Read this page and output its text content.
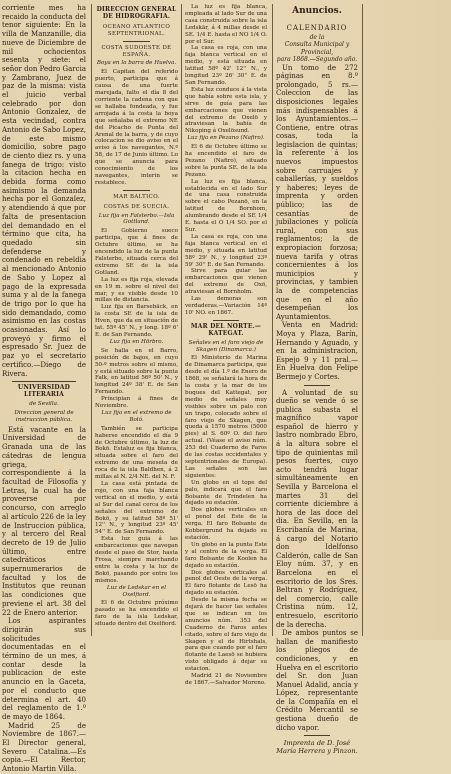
corriente mes ha recaido la conducta del tenor siguiente: En la villa de Manzanille, dia nueve de Diciembre de mil ochocientos sesenta y siete: el señor don Pedro Garcia y Zambrano, Juez de paz de la misma: vista el juicio verbal celebrado por don Antonio Gonzalez, de esta vecindad, contra Antonio de Sabo Lopez, de este mismo domicilio, sobre pago de ciento diez rs. y una fanega de trigo: visto la citacion hecha en debida forma como asimismo la demanda hecha por el Gonzalez, y atendiendo á que por falta de presentacion del demandado en el término que cita, ha quedado sin defenderse y condenado en rebeldia al mencionado Antonio de Sabo y Lopez al pago de la expresada suma y al de la fanega de trigo por lo que ha sido demandado, como asimismo en las costas ocasionadas. Así lo proveyó y firmo el espresado Sr. Juez de paz yo el secretario certifico.—Diego de Rivera.

UNIVERSIDAD LITERARIA

de Sevilla.

Direccion general de instruccion pública.

Está vacante en la Universidad de Granada una de las cátedras de lengua griega, correspondiente á la facultad de Filosofía y Letras, la cual ha de proveerse por concurso, con arreglo al artículo 226 de la ley de Instruccion pública, y al tercero del Real decreto de 19 de Julio último, entre catedráticos supernumerarios de facultad y los de Institutos que reunan las condiciones que previene el art. 38 del 22 de Enero anterior.

Los aspirantes dirigirán sus solicitudes documentadas en el término de un mes, á contar desde la publicacion de este anuncio en la Gaceta, por el conducto que determina el art. 40 del reglamento de 1.º de mayo de 1864.

Madrid 25 de Noviembre de 1867.—El Director general, Severo Catalina.—Es copia.—El Rector, Antonio Martin Villa.

DIRECCION GENERAL DE HIDROGRAFIA.

OCEANO ATLANTICO SEPTENTRIONAL.

COSTA SUDOESTE DE ESPAÑA.

Boya en la barra de Huelva.

El Capitan del referido puerto, participa que á causa de una fuerte marejada, falto el día 8 del corriente la cadena con que se hallaba fondeada, y fue arrojada á la costa la boya que señalaba el extremo NE del Picacho de Punta del Arenal de la barra, y de cuyo colocacion se dio aviso en el aviso á los navegantes, N.º 58, de 17 de Junio último. Lo que se anuncia para conocimiento de los navegantes, interin se restablece.

MAR BALTICO.

COSTAS DE SUECIA.

Luz fija en Falsterbo.—Isla Gottland.

El Gobierno sueco participa, que á fines de Octubre último, se ha encendido la luz de la punta Falsterbo, situada cerca del extremo SE de la isla Gotland.

La luz es fija roja, elevada en 19 m. sobre el nivel del mar, y es visible desde 10 millas de distancia.

Luz fija en Barsebäck, en la costa SE de la isla de Hven, que da en situación de lat. 55º 45' N., y long. 18º 6' E. de San Fernando.

Luz fija en Hörbro.

Se halla en el Barro, posición de bajos, en cuyo 50-º metros sobre el mismo, y está situado sobre la punta Falk, en latitud 56º 50' N., y longitud 24º 38' E. de San Fernando.

Principian á fines de Noviembre.

Luz fija en el extremo de Boló.

También se participa haberse encendido el día 9 de Octubre último, la luz de Bokö. Estaluz es fija blanca, situada sobre el faro del extremo de una meseta de roca de la isla Baldhen, á 2 millas al N. 2/4 NE. del N. F.

La casa está pintada de rojo, con una faja blanca vertical en el medio, y está al Sur del canal cerca de los señales del extremo de Bokö, y su latitud 58º 51' 12'' N., y longitud 23º 45' 54'' E. de San Fernando.

Esta luz guia á las embarcaciones que navegan desde el paso de Stor, hasta Frosa, siempre marchando entre la costa y la luz de Bokö, pasando por entre los mismos.

Luz de Ledskar en el Oxelfiord.

El 6 de Octubre próximo pasado se ha encendido el faro de la isla Ledskar, situado dentro del Oxelfiord.

La luz es fija blanca, empleada al lado Sur de una casa construida sobre la isla Ledskär, á 4 millas desde el SE. 1/4 E. hasta el NO 1/4 O. por el Sur.

La casa es roja, con una faja blanca vertical en el medio, y está situada en latitud 58º 42' 12'' N., y longitud 23º 26' 30'' E. de San Fernando.

Esta luz conduce á la vista que había sobre esta isla, y sirve de guía para las embarcaciones que vienen del extremo de Oxelö y atraviesan la bahía de Nikoping á Oxelösund.

Luz fija en Pezano (Nafiro).

El 6 de Octubre último se ha encendido el faro de Pezano (Nafiro), situado sobre la punta SE. de la isla Pezano.

La luz es fija blanca, establecida en el lado Sur de una casa construida sobre el cabo Pezanö, en la latitud de Bornhom, alumbrando desde el SE 1/4 E. hasta el O 1/4 SO. por el Sur.

La casa es roja, con una faja blanca vertical en el medio, y situada en latitud 58º 29' N., y longitud 23º 59' 30'' E. de San Fernando.

Sirve para guiar las embarcaciones que vienen del extremo de Oxö, atraviesan el Bornholm.

Las demoras son verdaderas.—Variación 14º 10' NO. en 1867.

MAR DEL NORTE.—KATEGAT.

Señales en el faro viejo de Skagen (Dinamarca.)

El Ministerio de Marina de Dinamarca participa, que desde el día 1.º de Enero de 1868, se señalará la hora de la costa y la mar de los buques del Kattegat, por medio de señales muy visibles sobre un palo con un trapo, colocado sobre el faro viejo de Skagen, que queda á 1570 metros (5000 pies) al S. 60º O. del faro actual. (Véase el aviso núm. 253 del Cuaderno de Faros de las costas occidentales y septentrionales de Europa). Las señales son las siguientes:

Un globo en el tope del palo, indicará que el faro Bolsante de Trindelen ha dejado su estación.

Dos globos verticales en el penol del Este de la verga. El faro Bolsante de Kobbergrund ha dejado su estación.

Un globo en la punta Este y al centro de la verga. El faro Bolsante de Koolen ha dejado su estación.

Dos globos verticales al penol del Oeste de la verga. El faro flotante de Lesö ha dejado su estación.

Desde la misma fecha se dejará de hacer las señales que se indican en los anuncios núm. 353 del Cuaderno de Faros antes citado, sobre el faro viejo de Skagen y el de Hirtshals, para que cuando por el faro flotante de Laesö se hubiera visto obligado á dejar su estacion.

Madrid 21 de Noviembre de 1867.—Salvador Moreno.

Anuncios.

CALENDARIO

de la

Consulta Municipal y Provincial,

para 1868.—Segundo año.

Un tomo de 272 páginas en 8.º prolongado, 5 rs.—Coleccion de las disposiciones legales más indispensables á los Ayuntamientos.—Contiene, entre otras cosas, toda la legislacion de quintas; la referente á los nuevos impuestos sobre carruajes y caballerías, y sueldos y haberes; leyes de imprenta y orden público; las de cesantías de jubilaciones y policía rural, con sus reglamentos; la de expropiacion forzosa; nueva tarifa y otras concernientes á los municipios y provincias, y tambien la de competencias que en el año desempeñan los Ayuntamientos.

Venta en Madrid: Moya y Plaza, Barín, Hernando y Aguado, y en la administracion, Espejo 9 y 11 pral.—En Huelva don Felipe Bermejo y Cortes.

A voluntad de su dueño se vende ó se publica subasta el magnífico vapor español de hierro y lastro nombrado Ebro, á la altura sobre el tipo de quinientas mil pesos fuertes, cuyo acto tendrá lugar simultáneamente en Sevilla y Barcelona el martes 31 del corriente diciembre á hora de las doce del dia. En Sevilla, en la Escribanía de Marina, á cargo del Notario don Idelfonso Calderón, calle de San Eloy núm. 37, y en Barcelona en el escritorio de los Sres. Beltran y Rodríguez, del comercio, calle Cristina núm. 12, entresuelo, escritorio de la derecha.

De ambos puntos se hallan de manifiesto los pliegos de condiciones, y en Huelva en el escritorio del Sr. don Juan Manuel Adalid, ancía y López, representante de la Compañía en el Crédito Mercantil se gestiona dueño de dicho vapor.

Imprenta de D. José María Herrera y Pinzon.
